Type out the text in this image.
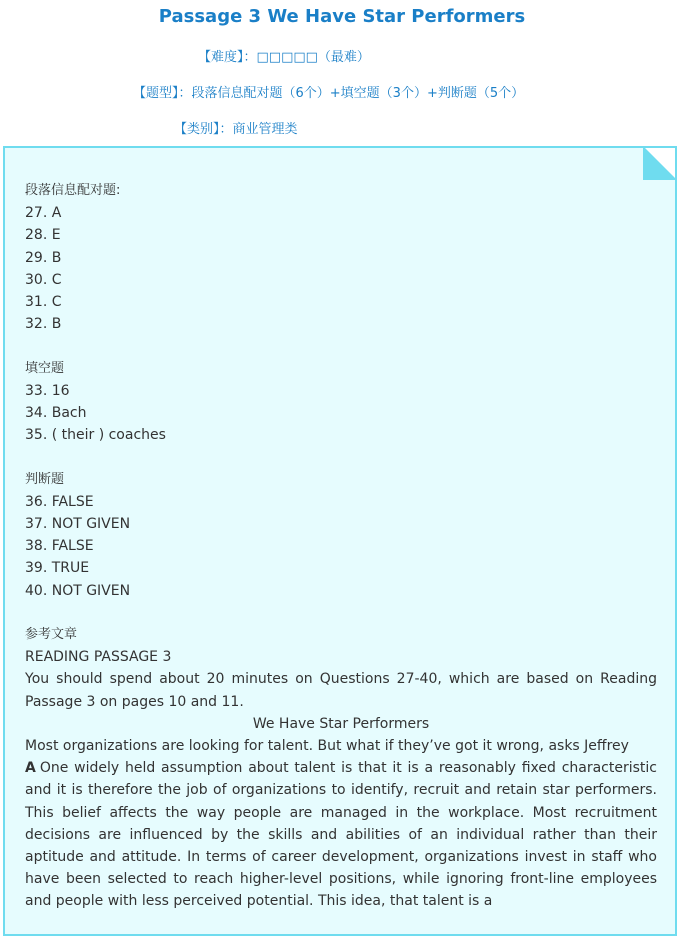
Passage 3 We Have Star Performers
【难度】：□□□□□（最难）
【题型】：段落信息配对题（6个）+填空题（3个）+判断题（5个）
【类别】：商业管理类
段落信息配对题:
27. A
28. E
29. B
30. C
31. C
32. B
填空题
33. 16
34. Bach
35. ( their ) coaches
判断题
36. FALSE
37. NOT GIVEN
38. FALSE
39. TRUE
40. NOT GIVEN
参考文章
READING PASSAGE 3
You should spend about 20 minutes on Questions 27-40, which are based on Reading Passage 3 on pages 10 and 11.
We Have Star Performers
Most organizations are looking for talent. But what if they’ve got it wrong, asks Jeffrey
A One widely held assumption about talent is that it is a reasonably fixed characteristic and it is therefore the job of organizations to identify, recruit and retain star performers. This belief affects the way people are managed in the workplace. Most recruitment decisions are influenced by the skills and abilities of an individual rather than their aptitude and attitude. In terms of career development, organizations invest in staff who have been selected to reach higher-level positions, while ignoring front-line employees and people with less perceived potential. This idea, that talent is a
